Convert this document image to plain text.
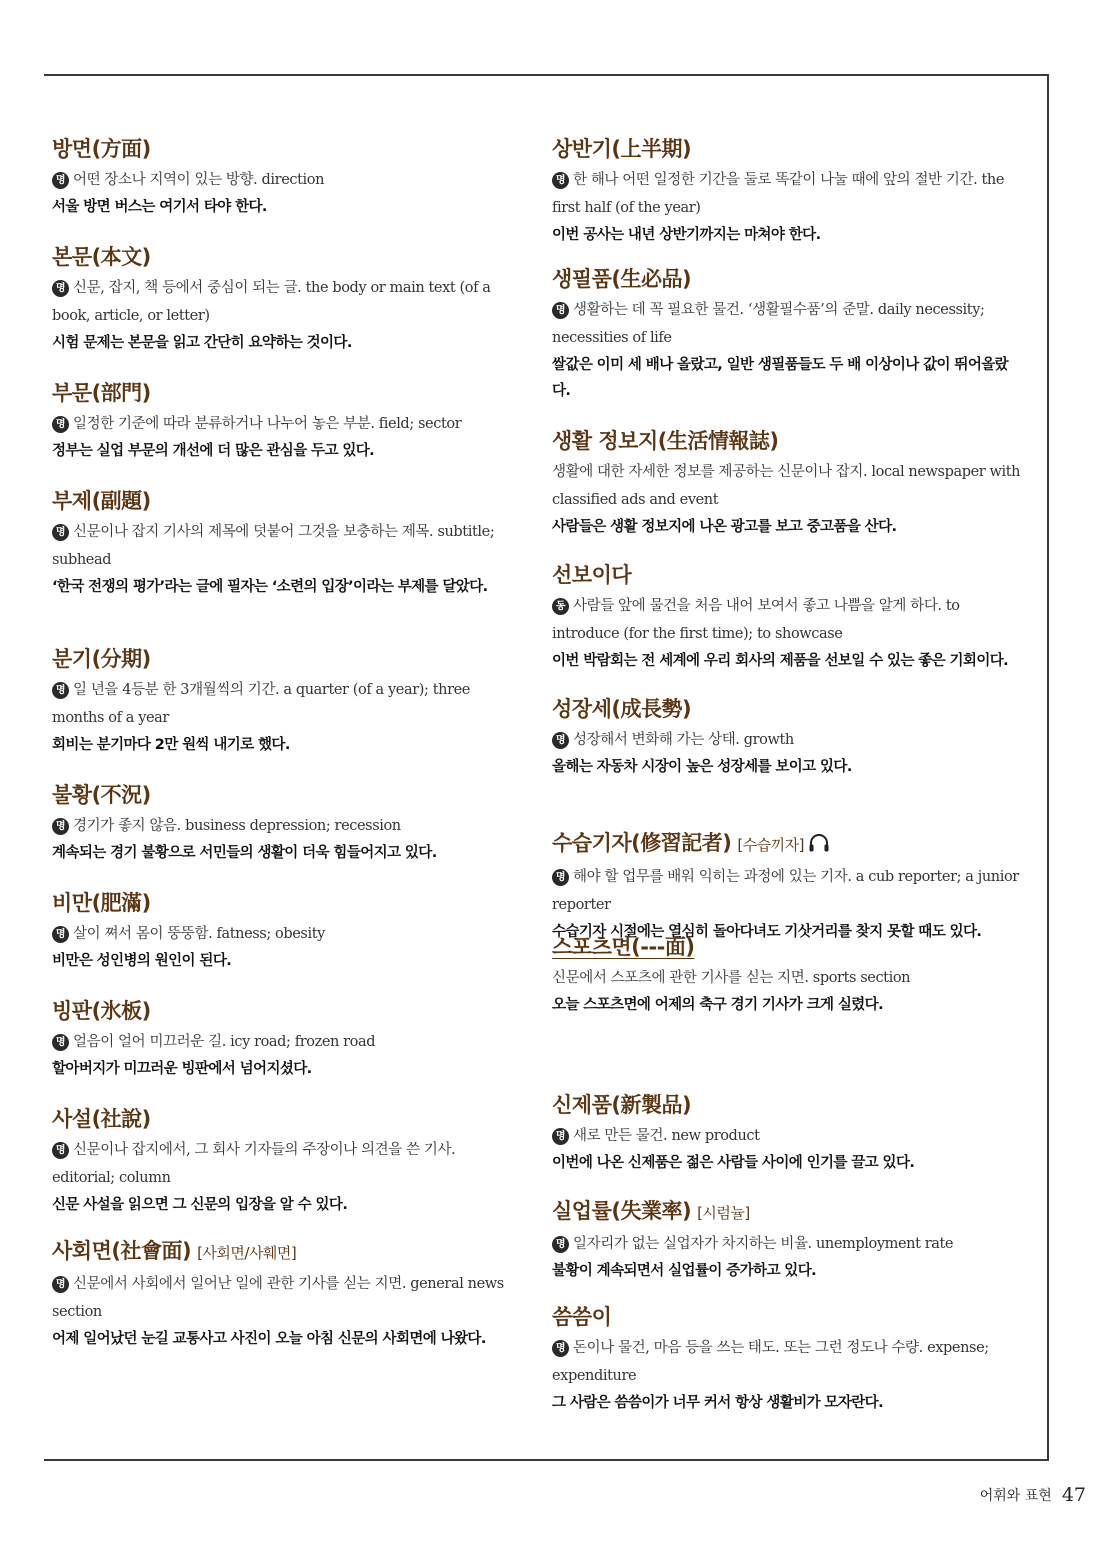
방면(方面)
명 어떤 장소나 지역이 있는 방향. direction
서울 방면 버스는 여기서 타야 한다.
본문(本文)
명 신문, 잡지, 책 등에서 중심이 되는 글. the body or main text (of a book, article, or letter)
시험 문제는 본문을 읽고 간단히 요약하는 것이다.
부문(部門)
명 일정한 기준에 따라 분류하거나 나누어 놓은 부분. field; sector
정부는 실업 부문의 개선에 더 많은 관심을 두고 있다.
부제(副題)
명 신문이나 잡지 기사의 제목에 덧붙어 그것을 보충하는 제목. subtitle; subhead
‘한국 전쟁의 평가’라는 글에 필자는 ‘소련의 입장’이라는 부제를 달았다.
분기(分期)
명 일 년을 4등분 한 3개월씩의 기간. a quarter (of a year); three months of a year
회비는 분기마다 2만 원씩 내기로 했다.
불황(不況)
명 경기가 좋지 않음. business depression; recession
계속되는 경기 불황으로 서민들의 생활이 더욱 힘들어지고 있다.
비만(肥滿)
명 살이 쪄서 몸이 뚱뚱함. fatness; obesity
비만은 성인병의 원인이 된다.
빙판(氷板)
명 얼음이 얼어 미끄러운 길. icy road; frozen road
할아버지가 미끄러운 빙판에서 넘어지셨다.
사설(社說)
명 신문이나 잡지에서, 그 회사 기자들의 주장이나 의견을 쓴 기사. editorial; column
신문 사설을 읽으면 그 신문의 입장을 알 수 있다.
사회면(社會面) [사회면/사훼면]
명 신문에서 사회에서 일어난 일에 관한 기사를 싣는 지면. general news section
어제 일어났던 눈길 교통사고 사진이 오늘 아침 신문의 사회면에 나왔다.
상반기(上半期)
명 한 해나 어떤 일정한 기간을 둘로 똑같이 나눌 때에 앞의 절반 기간. the first half (of the year)
이번 공사는 내년 상반기까지는 마쳐야 한다.
생필품(生必品)
명 생활하는 데 꼭 필요한 물건. ‘생활필수품’의 준말. daily necessity; necessities of life
쌀값은 이미 세 배나 올랐고, 일반 생필품들도 두 배 이상이나 값이 뛰어올랐다.
생활 정보지(生活情報誌)
생활에 대한 자세한 정보를 제공하는 신문이나 잡지. local newspaper with classified ads and event
사람들은 생활 정보지에 나온 광고를 보고 중고품을 산다.
선보이다
동 사람들 앞에 물건을 처음 내어 보여서 좋고 나쁨을 알게 하다. to introduce (for the first time); to showcase
이번 박람회는 전 세계에 우리 회사의 제품을 선보일 수 있는 좋은 기회이다.
성장세(成長勢)
명 성장해서 변화해 가는 상태. growth
올해는 자동차 시장이 높은 성장세를 보이고 있다.
수습기자(修習記者) [수습끼자]
명 해야 할 업무를 배워 익히는 과정에 있는 기자. a cub reporter; a junior reporter
수습기자 시절에는 열심히 돌아다녀도 기삿거리를 찾지 못할 때도 있다.
스포츠면(---面)
신문에서 스포츠에 관한 기사를 싣는 지면. sports section
오늘 스포츠면에 어제의 축구 경기 기사가 크게 실렸다.
신제품(新製品)
명 새로 만든 물건. new product
이번에 나온 신제품은 젊은 사람들 사이에 인기를 끌고 있다.
실업률(失業率) [시럼뉼]
명 일자리가 없는 실업자가 차지하는 비율. unemployment rate
불황이 계속되면서 실업률이 증가하고 있다.
씀씀이
명 돈이나 물건, 마음 등을 쓰는 태도. 또는 그런 정도나 수량. expense; expenditure
그 사람은 씀씀이가 너무 커서 항상 생활비가 모자란다.
어휘와 표현 47
